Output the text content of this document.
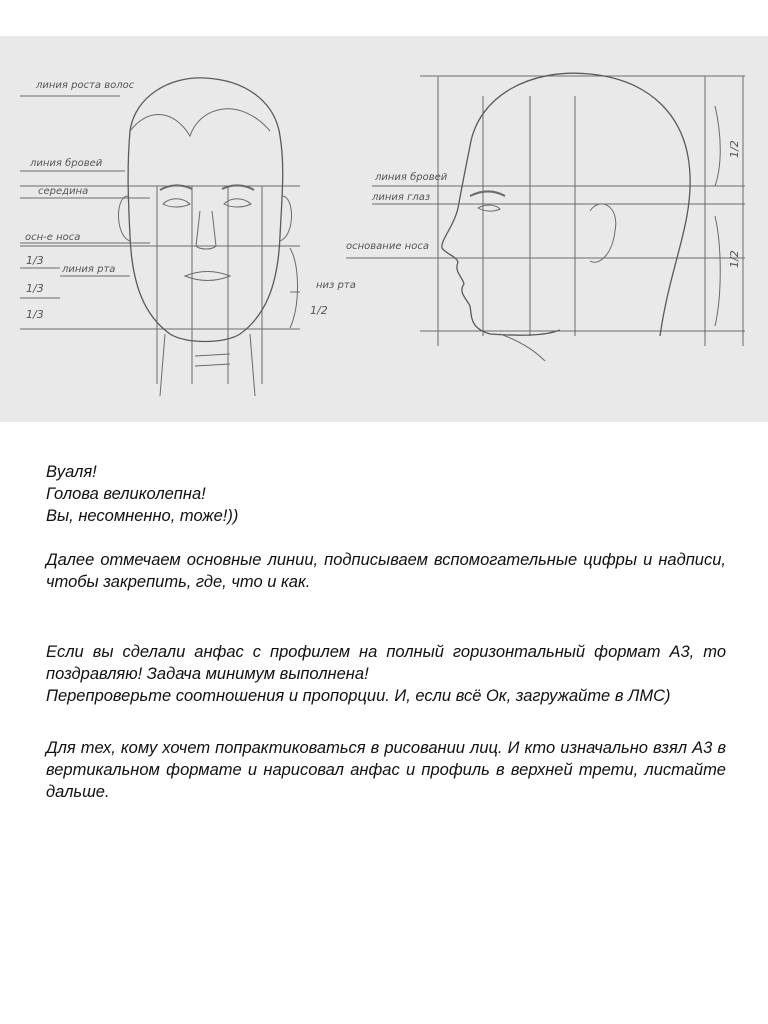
линия роста волос
линия бровей
середина
осн-е носа
линия рта
1/3
1/3
1/3
низ рта
1/2
линия бровей
линия глаз
основание носа
1/2
1/2

Вуаля!

Голова великолепна!

Вы, несомненно, тоже!))

Далее отмечаем основные линии, подписываем вспомогательные цифры и надписи, чтобы закрепить, где, что и как.

Если вы сделали анфас с профилем на полный горизонтальный формат А3, то поздравляю! Задача минимум выполнена!

Перепроверьте соотношения и пропорции. И, если всё Ок, загружайте в ЛМС)

Для тех, кому хочет попрактиковаться в рисовании лиц. И кто изначально взял А3 в вертикальном формате и нарисовал анфас и профиль в верхней трети, листайте дальше.
